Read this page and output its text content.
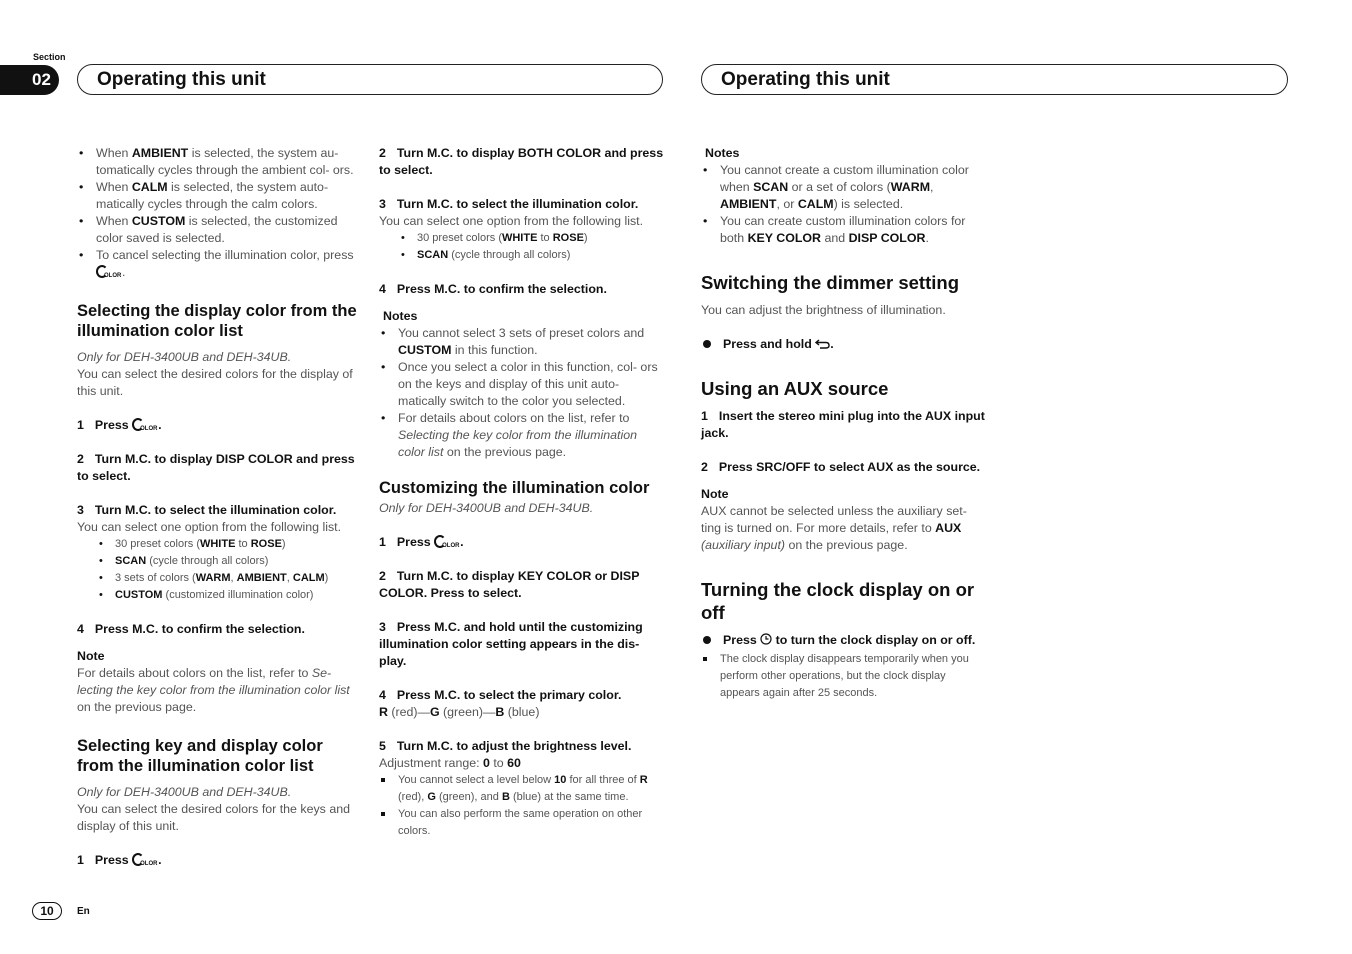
Section
02	Operating this unit	Operating this unit
• When AMBIENT is selected, the system au- tomatically cycles through the ambient col- ors.
• When CALM is selected, the system auto- matically cycles through the calm colors.
• When CUSTOM is selected, the customized color saved is selected.
• To cancel selecting the illumination color, press
OLOR .
Selecting the display color from the illumination color list

Only for DEH-3400UB and DEH-34UB.

You can select the desired colors for the display of this unit.

1 Press OLOR .
2 Turn M.C. to display DISP COLOR and press to select.
3 Turn M.C. to select the illumination color.

You can select one option from the following list.

• 30 preset colors (WHITE to ROSE)
• SCAN (cycle through all colors)
• 3 sets of colors (WARM, AMBIENT, CALM)
• CUSTOM (customized illumination color)
4 Press M.C. to confirm the selection.
Note

For details about colors on the list, refer to Se- lecting the key color from the illumination color list on the previous page.

Selecting key and display color from the illumination color list

Only for DEH-3400UB and DEH-34UB.

You can select the desired colors for the keys and display of this unit.

1 Press OLOR .
2 Turn M.C. to display BOTH COLOR and press to select.
3 Turn M.C. to select the illumination color.

You can select one option from the following list.

• 30 preset colors (WHITE to ROSE)
• SCAN (cycle through all colors)
4 Press M.C. to confirm the selection.
Notes
• You cannot select 3 sets of preset colors and CUSTOM in this function.
• Once you select a color in this function, col- ors on the keys and display of this unit auto- matically switch to the color you selected.
• For details about colors on the list, refer to Selecting the key color from the illumination color list on the previous page.
Customizing the illumination color

Only for DEH-3400UB and DEH-34UB.

1 Press OLOR .
2 Turn M.C. to display KEY COLOR or DISP COLOR. Press to select.
3 Press M.C. and hold until the customizing illumination color setting appears in the dis- play.
4 Press M.C. to select the primary color.

R (red)—G (green)—B (blue)

5 Turn M.C. to adjust the brightness level.

Adjustment range: 0 to 60

You cannot select a level below 10 for all three of R (red), G (green), and B (blue) at the same time.
You can also perform the same operation on other colors.
Notes
• You cannot create a custom illumination color when SCAN or a set of colors (WARM, AMBIENT, or CALM) is selected.
• You can create custom illumination colors for both KEY COLOR and DISP COLOR.
Switching the dimmer setting

You can adjust the brightness of illumination.

Press and hold .
Using an AUX source
1 Insert the stereo mini plug into the AUX input jack.
2 Press SRC/OFF to select AUX as the source.
Note

AUX cannot be selected unless the auxiliary set- ting is turned on. For more details, refer to AUX (auxiliary input) on the previous page.

Turning the clock display on or off
Press to turn the clock display on or off.
The clock display disappears temporarily when you perform other operations, but the clock display appears again after 25 seconds.
10	En
